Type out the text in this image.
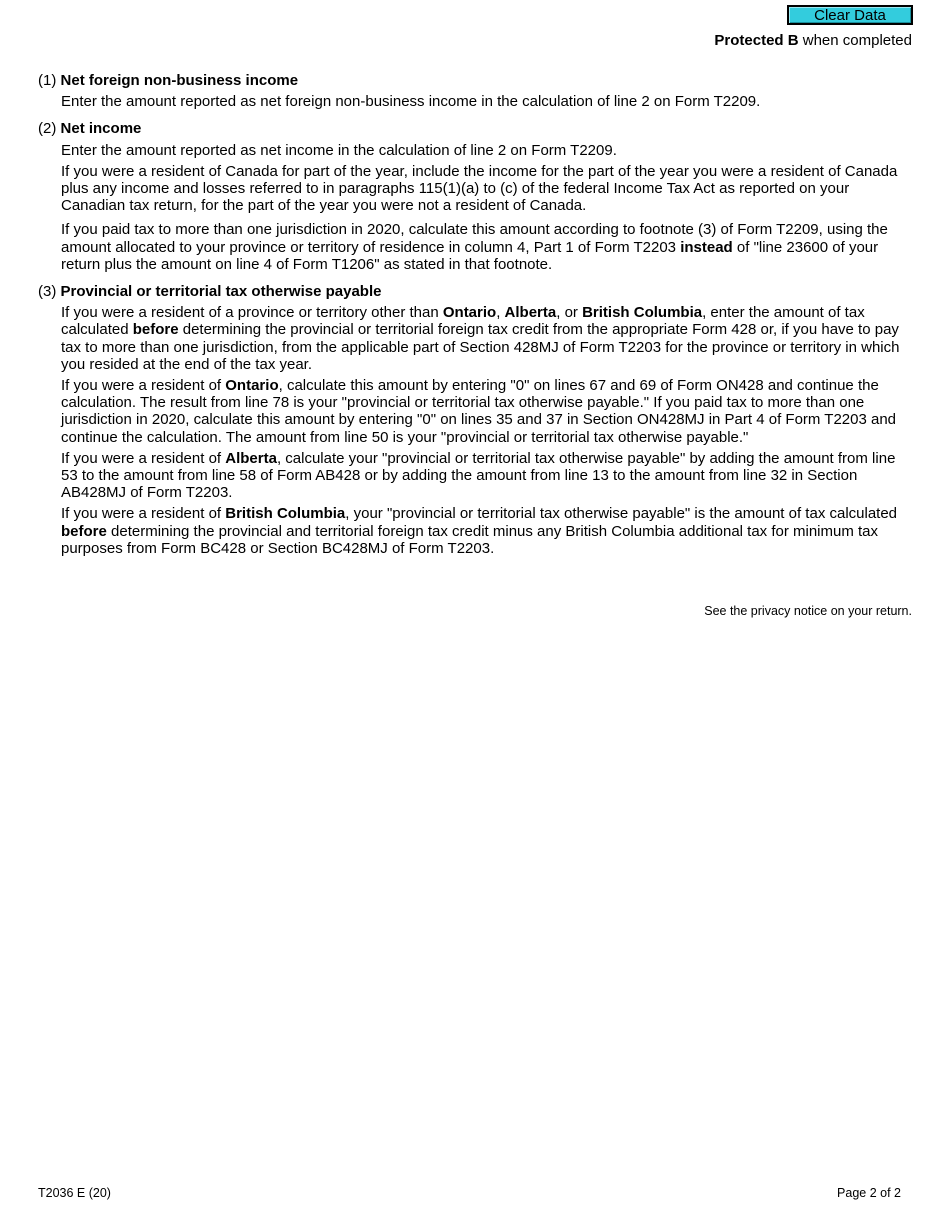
Clear Data
Protected B when completed

(1) Net foreign non-business income

Enter the amount reported as net foreign non-business income in the calculation of line 2 on Form T2209.

(2) Net income

Enter the amount reported as net income in the calculation of line 2 on Form T2209.

If you were a resident of Canada for part of the year, include the income for the part of the year you were a resident of Canada plus any income and losses referred to in paragraphs 115(1)(a) to (c) of the federal Income Tax Act as reported on your Canadian tax return, for the part of the year you were not a resident of Canada.

If you paid tax to more than one jurisdiction in 2020, calculate this amount according to footnote (3) of Form T2209, using the amount allocated to your province or territory of residence in column 4, Part 1 of Form T2203 instead of "line 23600 of your return plus the amount on line 4 of Form T1206" as stated in that footnote.

(3) Provincial or territorial tax otherwise payable

If you were a resident of a province or territory other than Ontario, Alberta, or British Columbia, enter the amount of tax calculated before determining the provincial or territorial foreign tax credit from the appropriate Form 428 or, if you have to pay tax to more than one jurisdiction, from the applicable part of Section 428MJ of Form T2203 for the province or territory in which you resided at the end of the tax year.

If you were a resident of Ontario, calculate this amount by entering "0" on lines 67 and 69 of Form ON428 and continue the calculation. The result from line 78 is your "provincial or territorial tax otherwise payable." If you paid tax to more than one jurisdiction in 2020, calculate this amount by entering "0" on lines 35 and 37 in Section ON428MJ in Part 4 of Form T2203 and continue the calculation. The amount from line 50 is your "provincial or territorial tax otherwise payable."

If you were a resident of Alberta, calculate your "provincial or territorial tax otherwise payable" by adding the amount from line 53 to the amount from line 58 of Form AB428 or by adding the amount from line 13 to the amount from line 32 in Section AB428MJ of Form T2203.

If you were a resident of British Columbia, your "provincial or territorial tax otherwise payable" is the amount of tax calculated before determining the provincial and territorial foreign tax credit minus any British Columbia additional tax for minimum tax purposes from Form BC428 or Section BC428MJ of Form T2203.

See the privacy notice on your return.
T2036 E (20)	Page 2 of 2
